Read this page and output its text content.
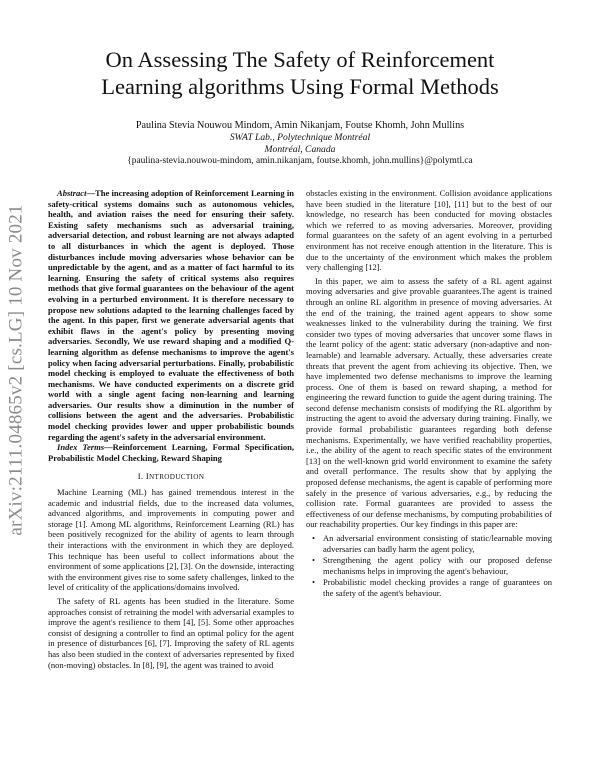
arXiv:2111.04865v2 [cs.LG] 10 Nov 2021
On Assessing The Safety of Reinforcement
Learning algorithms Using Formal Methods
Paulina Stevia Nouwou Mindom, Amin Nikanjam, Foutse Khomh, John Mullins
SWAT Lab., Polytechnique Montréal
Montréal, Canada
{paulina-stevia.nouwou-mindom, amin.nikanjam, foutse.khomh, john.mullins}@polymtl.ca

Abstract—The increasing adoption of Reinforcement Learning in safety-critical systems domains such as autonomous vehicles, health, and aviation raises the need for ensuring their safety. Existing safety mechanisms such as adversarial training, adversarial detection, and robust learning are not always adapted to all disturbances in which the agent is deployed. Those disturbances include moving adversaries whose behavior can be unpredictable by the agent, and as a matter of fact harmful to its learning. Ensuring the safety of critical systems also requires methods that give formal guarantees on the behaviour of the agent evolving in a perturbed environment. It is therefore necessary to propose new solutions adapted to the learning challenges faced by the agent. In this paper, first we generate adversarial agents that exhibit flaws in the agent's policy by presenting moving adversaries. Secondly, We use reward shaping and a modified Q-learning algorithm as defense mechanisms to improve the agent's policy when facing adversarial perturbations. Finally, probabilistic model checking is employed to evaluate the effectiveness of both mechanisms. We have conducted experiments on a discrete grid world with a single agent facing non-learning and learning adversaries. Our results show a diminution in the number of collisions between the agent and the adversaries. Probabilistic model checking provides lower and upper probabilistic bounds regarding the agent's safety in the adversarial environment.

Index Terms—Reinforcement Learning, Formal Specification, Probabilistic Model Checking, Reward Shaping

I. INTRODUCTION

Machine Learning (ML) has gained tremendous interest in the academic and industrial fields, due to the increased data volumes, advanced algorithms, and improvements in computing power and storage [1]. Among ML algorithms, Reinforcement Learning (RL) has been positively recognized for the ability of agents to learn through their interactions with the environment in which they are deployed. This technique has been useful to collect informations about the environment of some applications [2], [3]. On the downside, interacting with the environment gives rise to some safety challenges, linked to the level of criticality of the applications/domains involved.

The safety of RL agents has been studied in the literature. Some approaches consist of retraining the model with adversarial examples to improve the agent's resilience to them [4], [5]. Some other approaches consist of designing a controller to find an optimal policy for the agent in presence of disturbances [6], [7]. Improving the safety of RL agents has also been studied in the context of adversaries represented by fixed (non-moving) obstacles. In [8], [9], the agent was trained to avoid

obstacles existing in the environment. Collision avoidance applications have been studied in the literature [10], [11] but to the best of our knowledge, no research has been conducted for moving obstacles which we referred to as moving adversaries. Moreover, providing formal guarantees on the safety of an agent evolving in a perturbed environment has not receive enough attention in the literature. This is due to the uncertainty of the environment which makes the problem very challenging [12].

In this paper, we aim to assess the safety of a RL agent against moving adversaries and give provable guarantees.The agent is trained through an online RL algorithm in presence of moving adversaries. At the end of the training, the trained agent appears to show some weaknesses linked to the vulnerability during the training. We first consider two types of moving adversaries that uncover some flaws in the learnt policy of the agent: static adversary (non-adaptive and non-learnable) and learnable adversary. Actually, these adversaries create threats that prevent the agent from achieving its objective. Then, we have implemented two defense mechanisms to improve the learning process. One of them is based on reward shaping, a method for engineering the reward function to guide the agent during training. The second defense mechanism consists of modifying the RL algorithm by instructing the agent to avoid the adversary during training. Finally, we provide formal probabilistic guarantees regarding both defense mechanisms. Experimentally, we have verified reachability properties, i.e., the ability of the agent to reach specific states of the environment [13] on the well-known grid world environment to examine the safety and overall performance. The results show that by applying the proposed defense mechanisms, the agent is capable of performing more safely in the presence of various adversaries, e.g., by reducing the collision rate. Formal guarantees are provided to assess the effectiveness of our defense mechanisms, by computing probabilities of our reachability properties. Our key findings in this paper are:

• An adversarial environment consisting of static/learnable moving adversaries can badly harm the agent policy,
• Strengthening the agent policy with our proposed defense mechanisms helps in improving the agent's behaviour,
• Probabilistic model checking provides a range of guarantees on the safety of the agent's behaviour.
